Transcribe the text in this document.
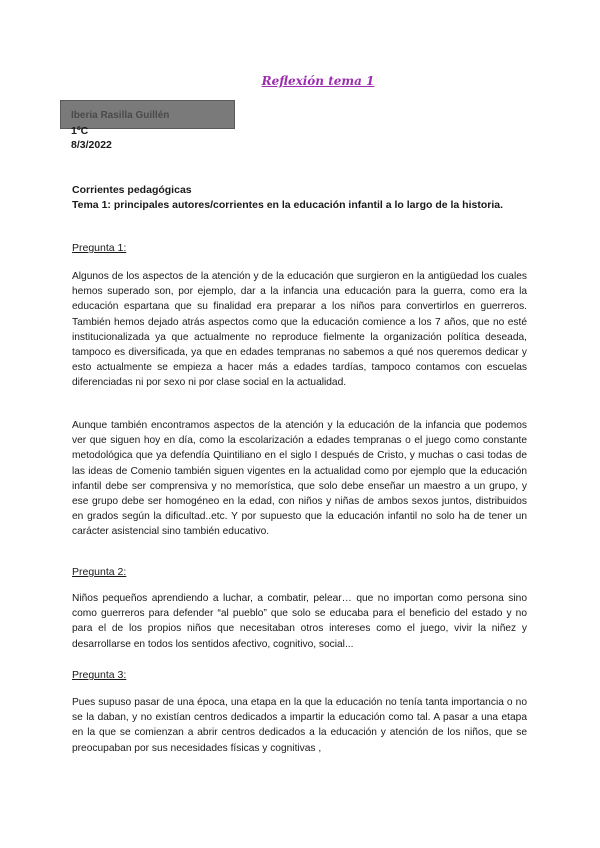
Reflexión tema 1
Iberia Rasilla Guillén
1ºC
8/3/2022
Corrientes pedagógicas
Tema 1: principales autores/corrientes en la educación infantil a lo largo de la historia.
Pregunta 1:

Algunos de los aspectos de la atención y de la educación que surgieron en la antigüedad los cuales hemos superado son, por ejemplo, dar a la infancia una educación para la guerra, como era la educación espartana que su finalidad era preparar a los niños para convertirlos en guerreros. También hemos dejado atrás aspectos como que la educación comience a los 7 años, que no esté institucionalizada ya que actualmente no reproduce fielmente la organización política deseada, tampoco es diversificada, ya que en edades tempranas no sabemos a qué nos queremos dedicar y esto actualmente se empieza a hacer más a edades tardías, tampoco contamos con escuelas diferenciadas ni por sexo ni por clase social en la actualidad.

Aunque también encontramos aspectos de la atención y la educación de la infancia que podemos ver que siguen hoy en día, como la escolarización a edades tempranas o el juego como constante metodológica que ya defendía Quintiliano en el siglo I después de Cristo, y muchas o casi todas de las ideas de Comenio también siguen vigentes en la actualidad como por ejemplo que la educación infantil debe ser comprensiva y no memorística, que solo debe enseñar un maestro a un grupo, y ese grupo debe ser homogéneo en la edad, con niños y niñas de ambos sexos juntos, distribuidos en grados según la dificultad..etc. Y por supuesto que la educación infantil no solo ha de tener un carácter asistencial sino también educativo.

Pregunta 2:

Niños pequeños aprendiendo a luchar, a combatir, pelear… que no importan como persona sino como guerreros para defender “al pueblo” que solo se educaba para el beneficio del estado y no para el de los propios niños que necesitaban otros intereses como el juego, vivir la niñez y desarrollarse en todos los sentidos afectivo, cognitivo, social...

Pregunta 3:

Pues supuso pasar de una época, una etapa en la que la educación no tenía tanta importancia o no se la daban, y no existían centros dedicados a impartir la educación como tal. A pasar a una etapa en la que se comienzan a abrir centros dedicados a la educación y atención de los niños, que se preocupaban por sus necesidades físicas y cognitivas ,
